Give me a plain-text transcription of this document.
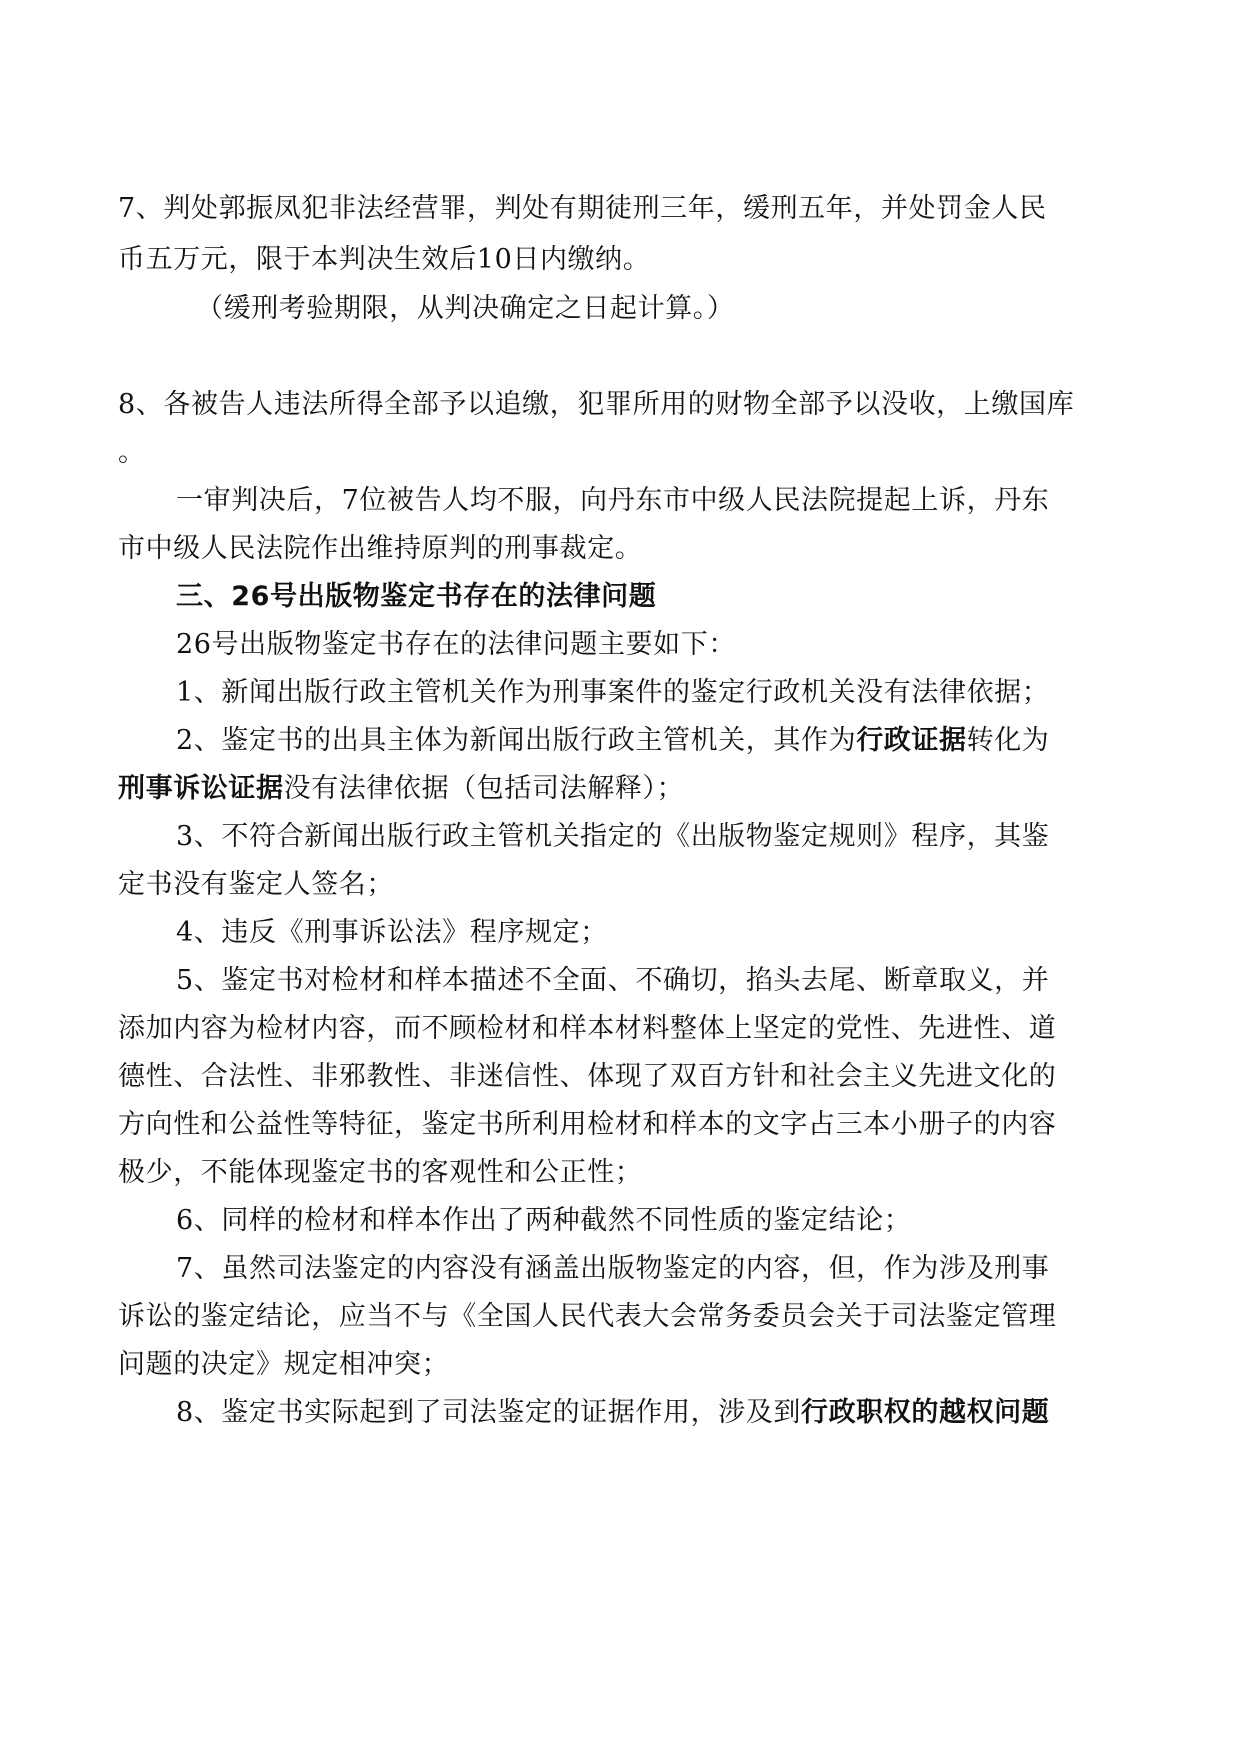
7、判处郭振凤犯非法经营罪，判处有期徒刑三年，缓刑五年，并处罚金人民
币五万元，限于本判决生效后10日内缴纳。
（缓刑考验期限，从判决确定之日起计算。）
8、各被告人违法所得全部予以追缴，犯罪所用的财物全部予以没收，上缴国库
。
一审判决后，7位被告人均不服，向丹东市中级人民法院提起上诉，丹东
市中级人民法院作出维持原判的刑事裁定。
三、26号出版物鉴定书存在的法律问题
26号出版物鉴定书存在的法律问题主要如下：
1、新闻出版行政主管机关作为刑事案件的鉴定行政机关没有法律依据；
2、鉴定书的出具主体为新闻出版行政主管机关，其作为行政证据转化为
刑事诉讼证据没有法律依据（包括司法解释）；
3、不符合新闻出版行政主管机关指定的《出版物鉴定规则》程序，其鉴
定书没有鉴定人签名；
4、违反《刑事诉讼法》程序规定；
5、鉴定书对检材和样本描述不全面、不确切，掐头去尾、断章取义，并
添加内容为检材内容，而不顾检材和样本材料整体上坚定的党性、先进性、道
德性、合法性、非邪教性、非迷信性、体现了双百方针和社会主义先进文化的
方向性和公益性等特征，鉴定书所利用检材和样本的文字占三本小册子的内容
极少，不能体现鉴定书的客观性和公正性；
6、同样的检材和样本作出了两种截然不同性质的鉴定结论；
7、虽然司法鉴定的内容没有涵盖出版物鉴定的内容，但，作为涉及刑事
诉讼的鉴定结论，应当不与《全国人民代表大会常务委员会关于司法鉴定管理
问题的决定》规定相冲突；
8、鉴定书实际起到了司法鉴定的证据作用，涉及到行政职权的越权问题
